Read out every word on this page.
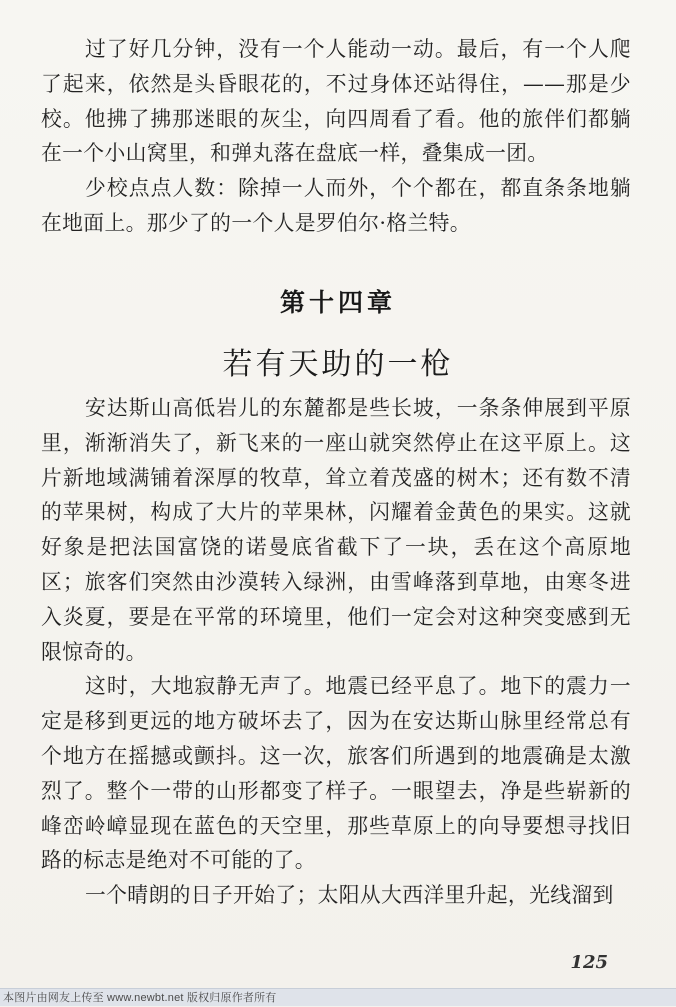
过了好几分钟，没有一个人能动一动。最后，有一个人爬了起来，依然是头昏眼花的，不过身体还站得住，——那是少校。他拂了拂那迷眼的灰尘，向四周看了看。他的旅伴们都躺在一个小山窝里，和弹丸落在盘底一样，叠集成一团。

少校点点人数：除掉一人而外，个个都在，都直条条地躺在地面上。那少了的一个人是罗伯尔·格兰特。

第十四章
若有天助的一枪

安达斯山高低岩儿的东麓都是些长坡，一条条伸展到平原里，渐渐消失了，新飞来的一座山就突然停止在这平原上。这片新地域满铺着深厚的牧草，耸立着茂盛的树木；还有数不清的苹果树，构成了大片的苹果林，闪耀着金黄色的果实。这就好象是把法国富饶的诺曼底省截下了一块，丢在这个高原地区；旅客们突然由沙漠转入绿洲，由雪峰落到草地，由寒冬进入炎夏，要是在平常的环境里，他们一定会对这种突变感到无限惊奇的。

这时，大地寂静无声了。地震已经平息了。地下的震力一定是移到更远的地方破坏去了，因为在安达斯山脉里经常总有个地方在摇撼或颤抖。这一次，旅客们所遇到的地震确是太激烈了。整个一带的山形都变了样子。一眼望去，净是些崭新的峰峦岭嶂显现在蓝色的天空里，那些草原上的向导要想寻找旧路的标志是绝对不可能的了。

一个晴朗的日子开始了；太阳从大西洋里升起，光线溜到

125
本图片由网友上传至 www.newbt.net 版权归原作者所有
